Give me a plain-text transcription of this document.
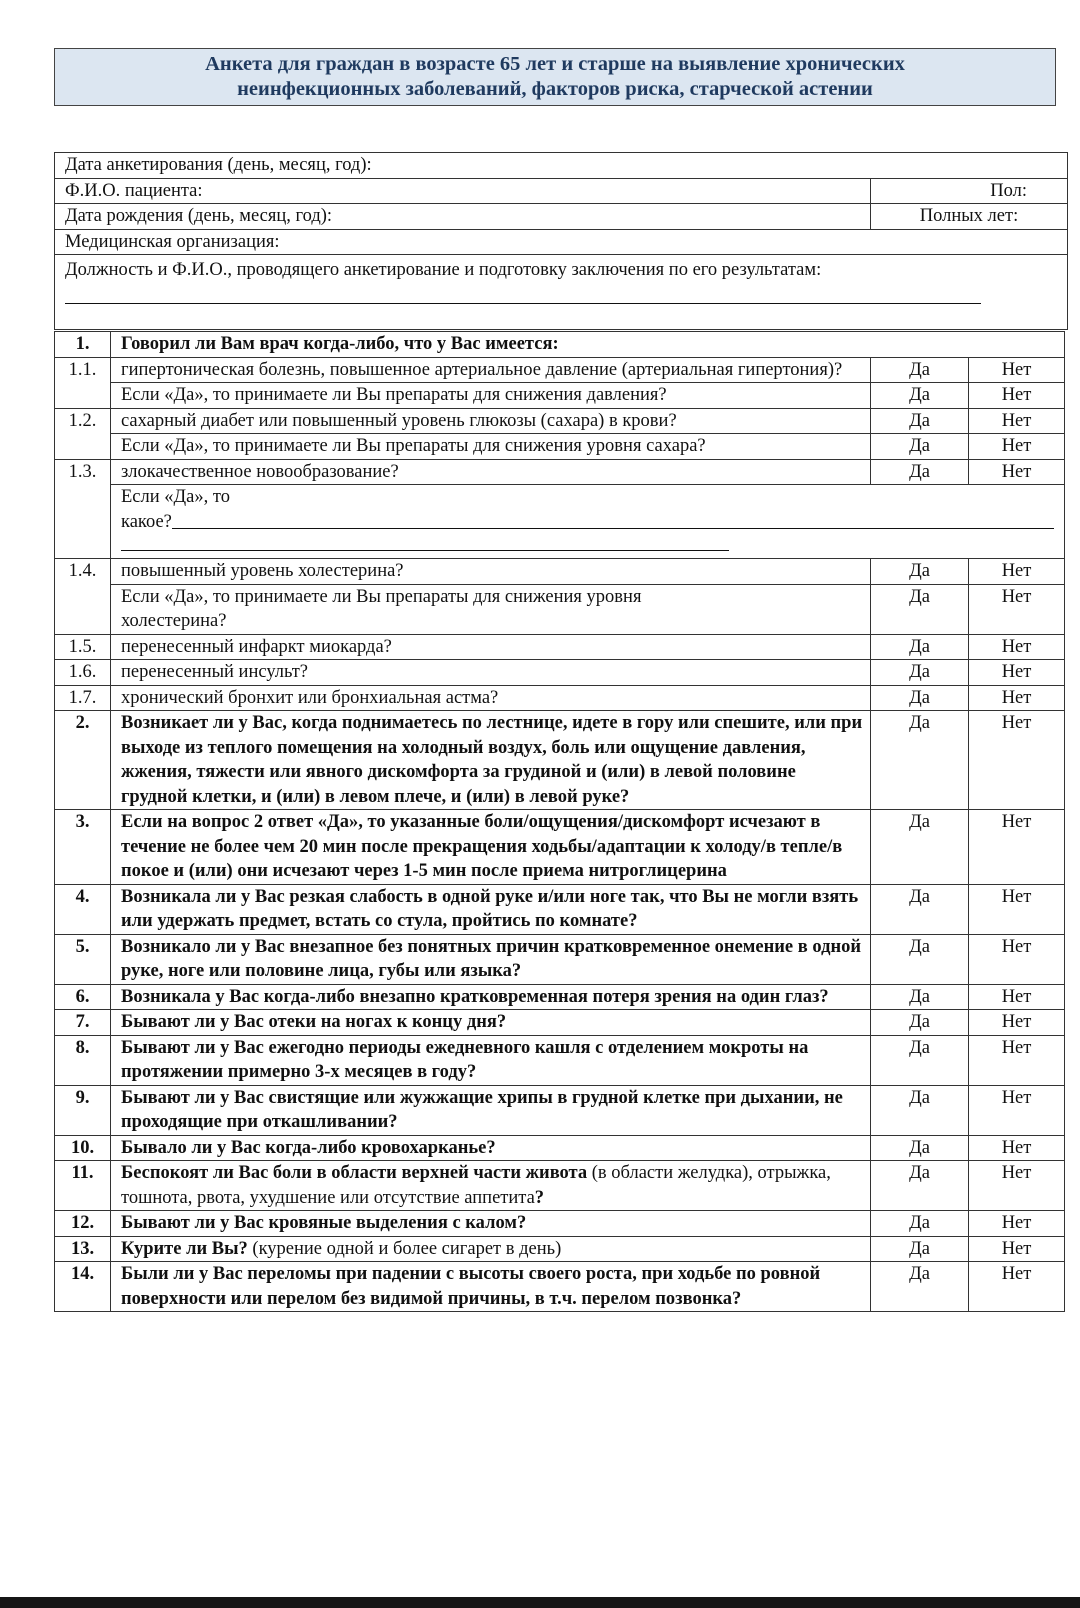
Анкета для граждан в возрасте 65 лет и старше на выявление хронических
неинфекционных заболеваний, факторов риска, старческой астении
Дата анкетирования (день, месяц, год):	
Ф.И.О. пациента:	Пол:
Дата рождения (день, месяц, год):	Полных лет:
Медицинская организация:	

Должность и Ф.И.О., проводящего анкетирование и подготовку заключения по его результатам:	
1.	Говорил ли Вам врач когда-либо, что у Вас имеется:		
1.1.	гипертоническая болезнь, повышенное артериальное давление (артериальная гипертония)?	Да	Нет
	Если «Да», то принимаете ли Вы препараты для снижения давления?	Да	Нет
1.2.	сахарный диабет или повышенный уровень глюкозы (сахара) в крови?	Да	Нет
	Если «Да», то принимаете ли Вы препараты для снижения уровня сахара?	Да	Нет
1.3.	злокачественное новообразование?	Да	Нет

	Если «Да», то
какое?		

1.4.	повышенный уровень холестерина?	Да	Нет
	Если «Да», то принимаете ли Вы препараты для снижения уровня холестерина?	Да	Нет
1.5.	перенесенный инфаркт миокарда?	Да	Нет
1.6.	перенесенный инсульт?	Да	Нет
1.7.	хронический бронхит или бронхиальная астма?	Да	Нет
2.	Возникает ли у Вас, когда поднимаетесь по лестнице, идете в гору или спешите, или при выходе из теплого помещения на холодный воздух, боль или ощущение давления, жжения, тяжести или явного дискомфорта за грудиной и (или) в левой половине грудной клетки, и (или) в левом плече, и (или) в левой руке?	Да	Нет
3.	Если на вопрос 2 ответ «Да», то указанные боли/ощущения/дискомфорт исчезают в течение не более чем 20 мин после прекращения ходьбы/адаптации к холоду/в тепле/в покое и (или) они исчезают через 1-5 мин после приема нитроглицерина	Да	Нет
4.	Возникала ли у Вас резкая слабость в одной руке и/или ноге так, что Вы не могли взять или удержать предмет, встать со стула, пройтись по комнате?	Да	Нет
5.	Возникало ли у Вас внезапное без понятных причин кратковременное онемение в одной руке, ноге или половине лица, губы или языка?	Да	Нет
6.	Возникала у Вас когда-либо внезапно кратковременная потеря зрения на один глаз?	Да	Нет
7.	Бывают ли у Вас отеки на ногах к концу дня?	Да	Нет
8.	Бывают ли у Вас ежегодно периоды ежедневного кашля с отделением мокроты на протяжении примерно 3-х месяцев в году?	Да	Нет
9.	Бывают ли у Вас свистящие или жужжащие хрипы в грудной клетке при дыхании, не проходящие при откашливании?	Да	Нет
10.	Бывало ли у Вас когда-либо кровохарканье?	Да	Нет
11.	Беспокоят ли Вас боли в области верхней части живота (в области желудка), отрыжка, тошнота, рвота, ухудшение или отсутствие аппетита?	Да	Нет
12.	Бывают ли у Вас кровяные выделения с калом?	Да	Нет
13.	Курите ли Вы? (курение одной и более сигарет в день)	Да	Нет
14.	Были ли у Вас переломы при падении с высоты своего роста, при ходьбе по ровной поверхности или перелом без видимой причины, в т.ч. перелом позвонка?	Да	Нет
